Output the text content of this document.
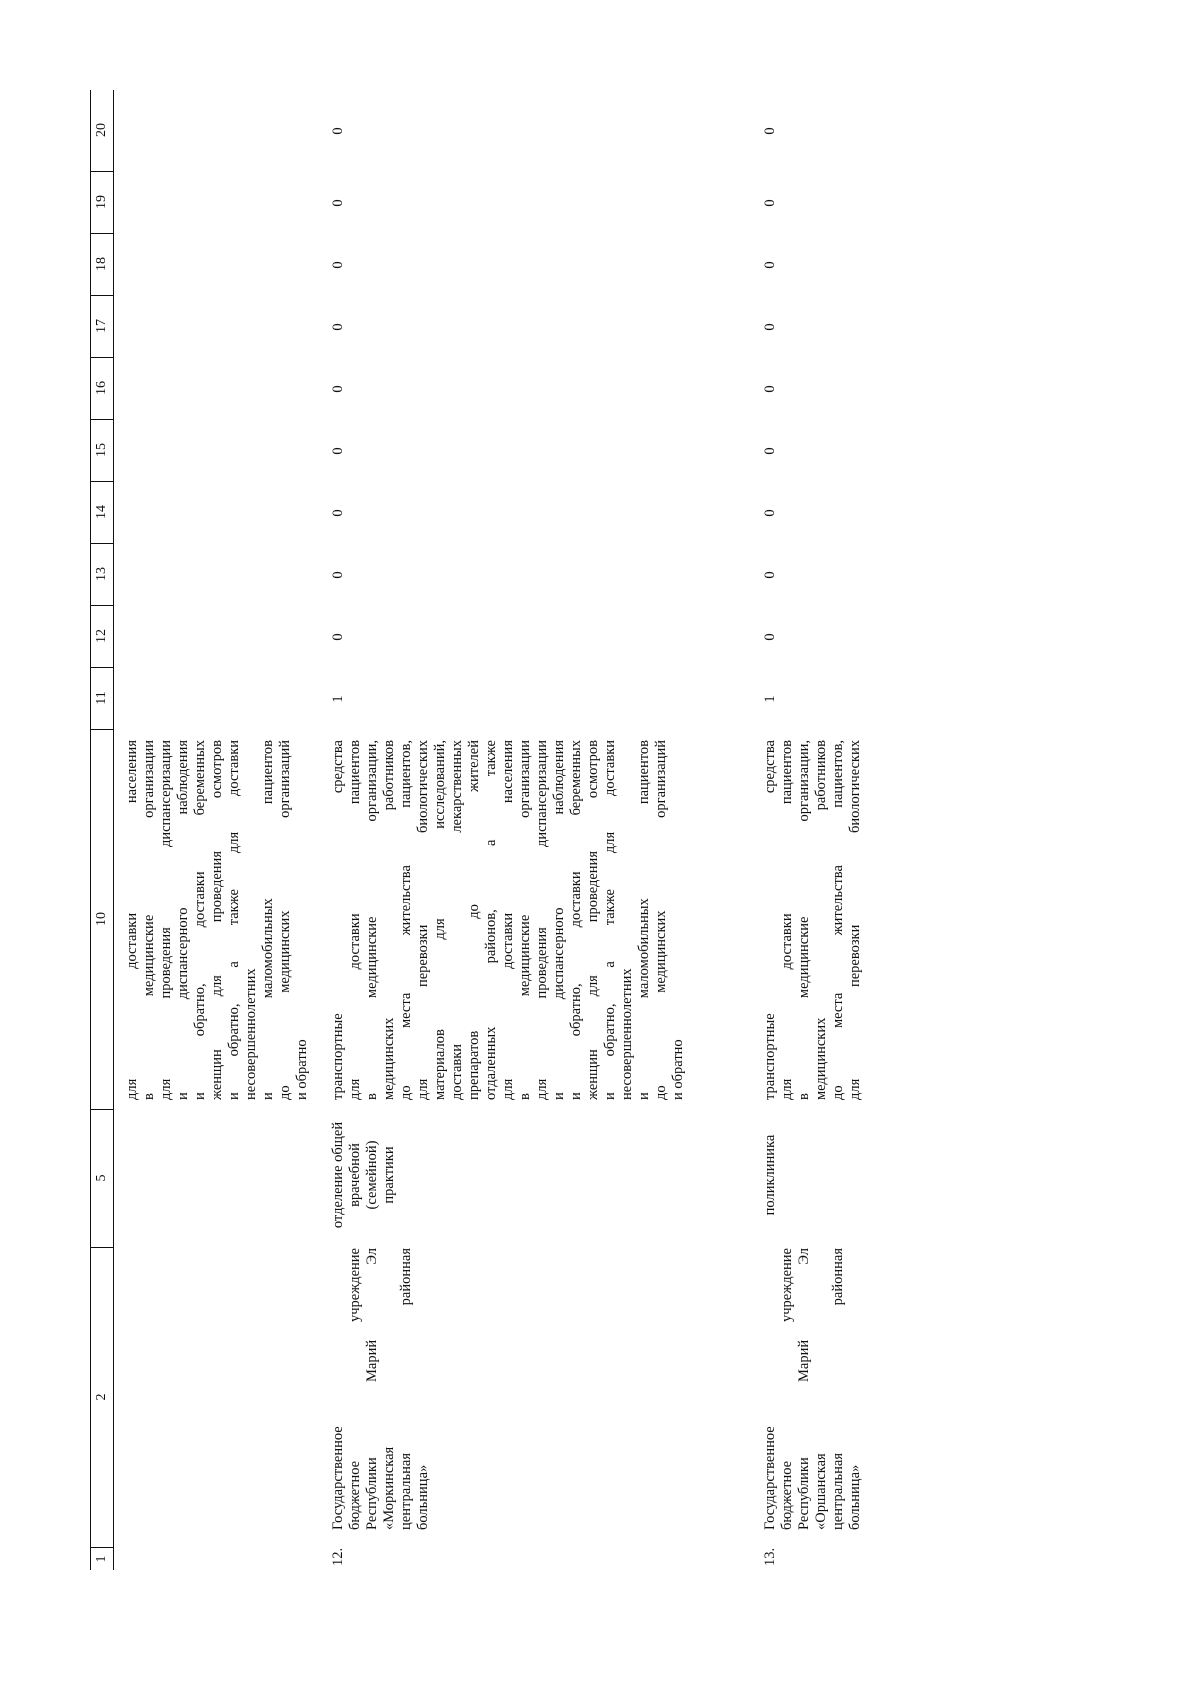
1
2
5
10
11
12
13
14
15
16
17
18
19
20
для доставки населения в медицинские организации для проведения диспансеризации и диспансерного наблюдения и обратно, доставки беременных женщин для проведения осмотров и обратно, а также для доставки несовершеннолетних и маломобильных пациентов до медицинских организаций и обратно
12.
Государственное бюджетное учреждение Республики Марий Эл «Моркинская центральная районная больница»
отделение общей врачебной (семейной) практики
транспортные средства для доставки пациентов в медицинские организации, медицинских работников до места жительства пациентов, для перевозки биологических материалов для исследований, доставки лекарственных препаратов до жителей отдаленных районов, а также для доставки населения в медицинские организации для проведения диспансеризации и диспансерного наблюдения и обратно, доставки беременных женщин для проведения осмотров и обратно, а также для доставки несовершеннолетних и маломобильных пациентов до медицинских организаций и обратно
1
0
0
0
0
0
0
0
0
0
13.
Государственное бюджетное учреждение Республики Марий Эл «Оршанская центральная районная больница»
поликлиника
транспортные средства для доставки пациентов в медицинские организации, медицинских работников до места жительства пациентов, для перевозки биологических
1
0
0
0
0
0
0
0
0
0
